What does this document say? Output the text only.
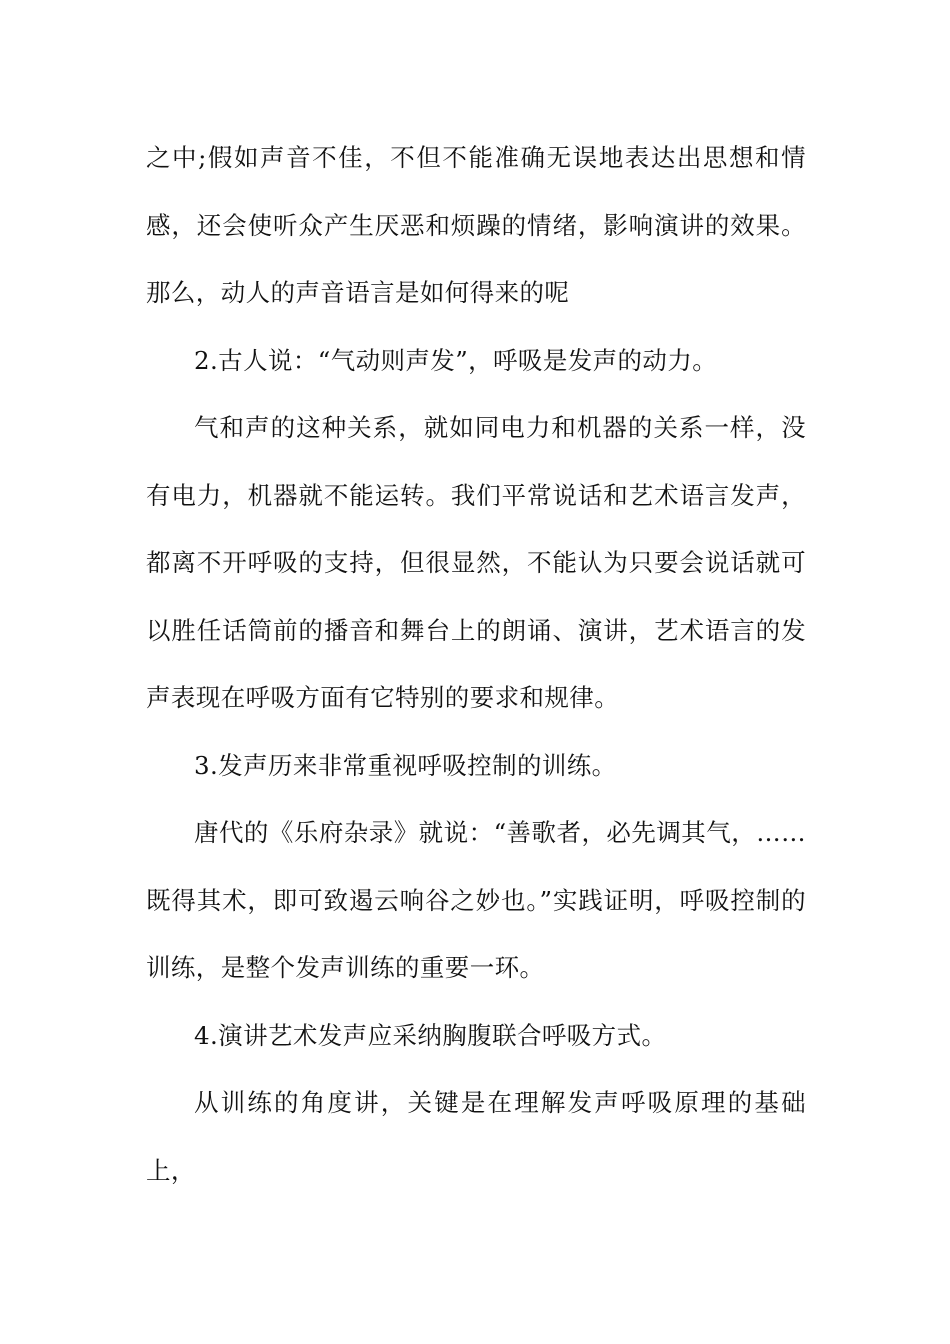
之中;假如声音不佳，不但不能准确无误地表达出思想和情感，还会使听众产生厌恶和烦躁的情绪，影响演讲的效果。那么，动人的声音语言是如何得来的呢

2.古人说：“气动则声发”，呼吸是发声的动力。

气和声的这种关系，就如同电力和机器的关系一样，没有电力，机器就不能运转。我们平常说话和艺术语言发声，都离不开呼吸的支持，但很显然，不能认为只要会说话就可以胜任话筒前的播音和舞台上的朗诵、演讲，艺术语言的发声表现在呼吸方面有它特别的要求和规律。

3.发声历来非常重视呼吸控制的训练。

唐代的《乐府杂录》就说：“善歌者，必先调其气，……既得其术，即可致遏云响谷之妙也。”实践证明，呼吸控制的训练，是整个发声训练的重要一环。

4.演讲艺术发声应采纳胸腹联合呼吸方式。

从训练的角度讲，关键是在理解发声呼吸原理的基础上，
